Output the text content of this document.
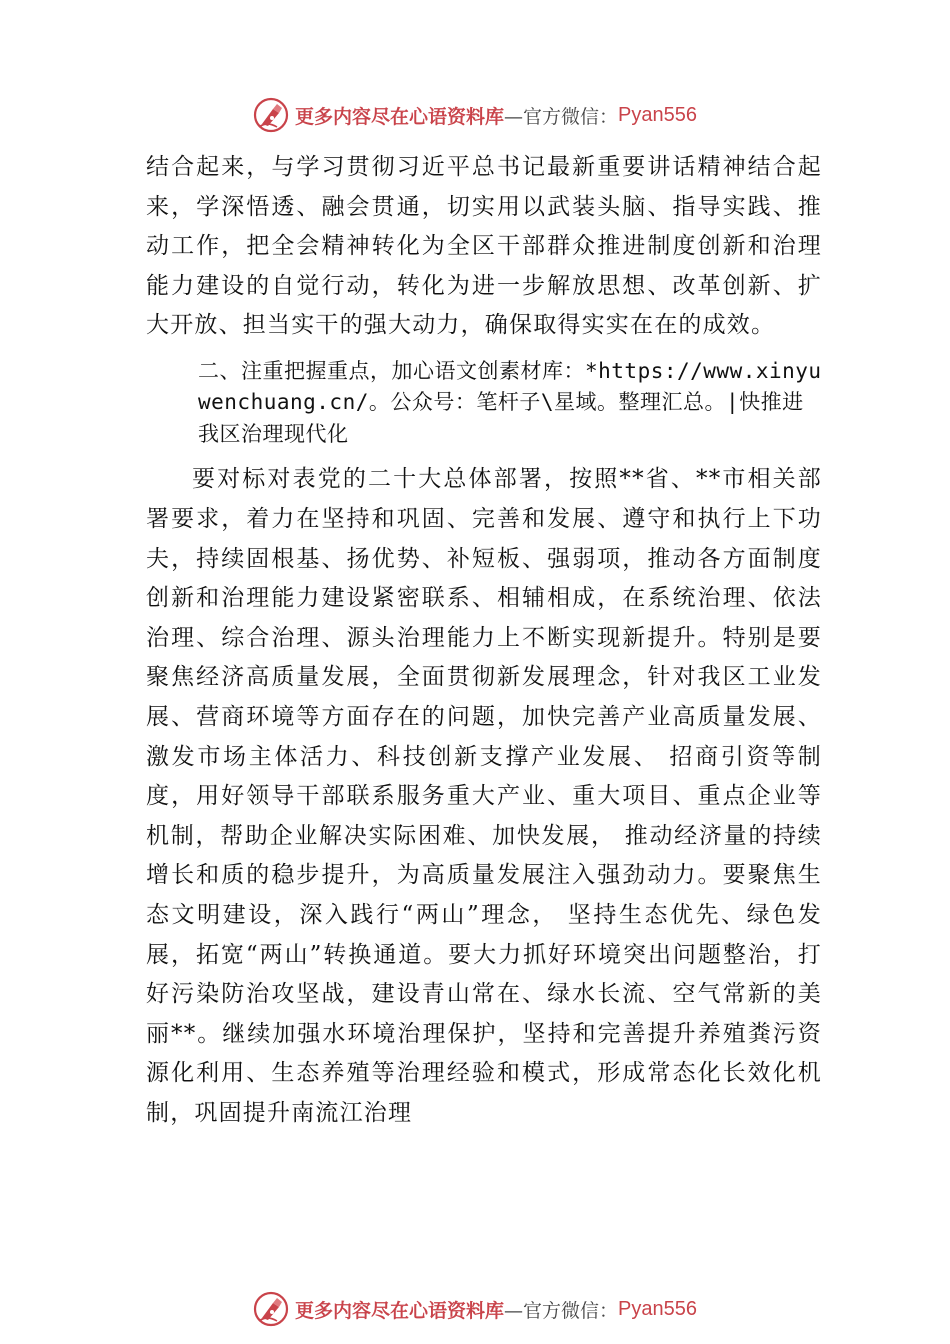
更多内容尽在心语资料库 —官方微信： Pyan556

结合起来，与学习贯彻习近平总书记最新重要讲话精神结合起来，学深悟透、融会贯通，切实用以武装头脑、指导实践、推动工作，把全会精神转化为全区干部群众推进制度创新和治理能力建设的自觉行动，转化为进一步解放思想、改革创新、扩大开放、担当实干的强大动力，确保取得实实在在的成效。

二、注重把握重点，加心语文创素材库：*https://www.xinyuwenchuang.cn/。公众号：笔杆子\星域。整理汇总。|快推进我区治理现代化

要对标对表党的二十大总体部署，按照**省、**市相关部署要求，着力在坚持和巩固、完善和发展、遵守和执行上下功夫，持续固根基、扬优势、补短板、强弱项，推动各方面制度创新和治理能力建设紧密联系、相辅相成，在系统治理、依法治理、综合治理、源头治理能力上不断实现新提升。特别是要聚焦经济高质量发展，全面贯彻新发展理念，针对我区工业发展、营商环境等方面存在的问题，加快完善产业高质量发展、激发市场主体活力、科技创新支撑产业发展、 招商引资等制度，用好领导干部联系服务重大产业、重大项目、重点企业等机制，帮助企业解决实际困难、加快发展， 推动经济量的持续增长和质的稳步提升，为高质量发展注入强劲动力。要聚焦生态文明建设，深入践行“两山”理念， 坚持生态优先、绿色发展，拓宽“两山”转换通道。要大力抓好环境突出问题整治，打好污染防治攻坚战，建设青山常在、绿水长流、空气常新的美丽**。继续加强水环境治理保护，坚持和完善提升养殖粪污资源化利用、生态养殖等治理经验和模式，形成常态化长效化机制，巩固提升南流江治理

更多内容尽在心语资料库 —官方微信： Pyan556
